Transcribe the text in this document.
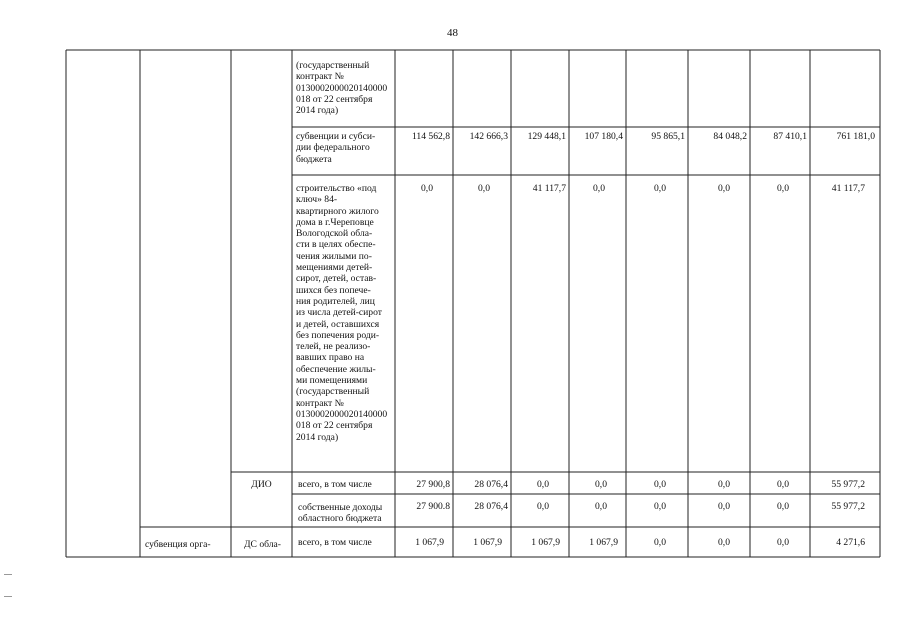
48
(государственный
контракт №
0130002000020140000
018 от 22 сентября
2014 года)
субвенции и субси-
дии федерального
бюджета
114 562,8	142 666,3	129 448,1	107 180,4	95 865,1	84 048,2	87 410,1	761 181,0
строительство «под
ключ» 84-
квартирного жилого
дома в г.Череповце
Вологодской обла-
сти в целях обеспе-
чения жилыми по-
мещениями детей-
сирот, детей, остав-
шихся без попече-
ния родителей, лиц
из числа детей-сирот
и детей, оставшихся
без попечения роди-
телей, не реализо-
вавших право на
обеспечение жилы-
ми помещениями
(государственный
контракт №
0130002000020140000
018 от 22 сентября
2014 года)
0,0	0,0	41 117,7	0,0	0,0	0,0	0,0	41 117,7
ДИО	всего, в том числе	27 900,8	28 076,4	0,0	0,0	0,0	0,0	0,0	55 977,2
собственные доходы
областного бюджета
27 900.8	28 076,4	0,0	0,0	0,0	0,0	0,0	55 977,2
субвенция орга-	ДС обла-	всего, в том числе	1 067,9	1 067,9	1 067,9	1 067,9	0,0	0,0	0,0	4 271,6
